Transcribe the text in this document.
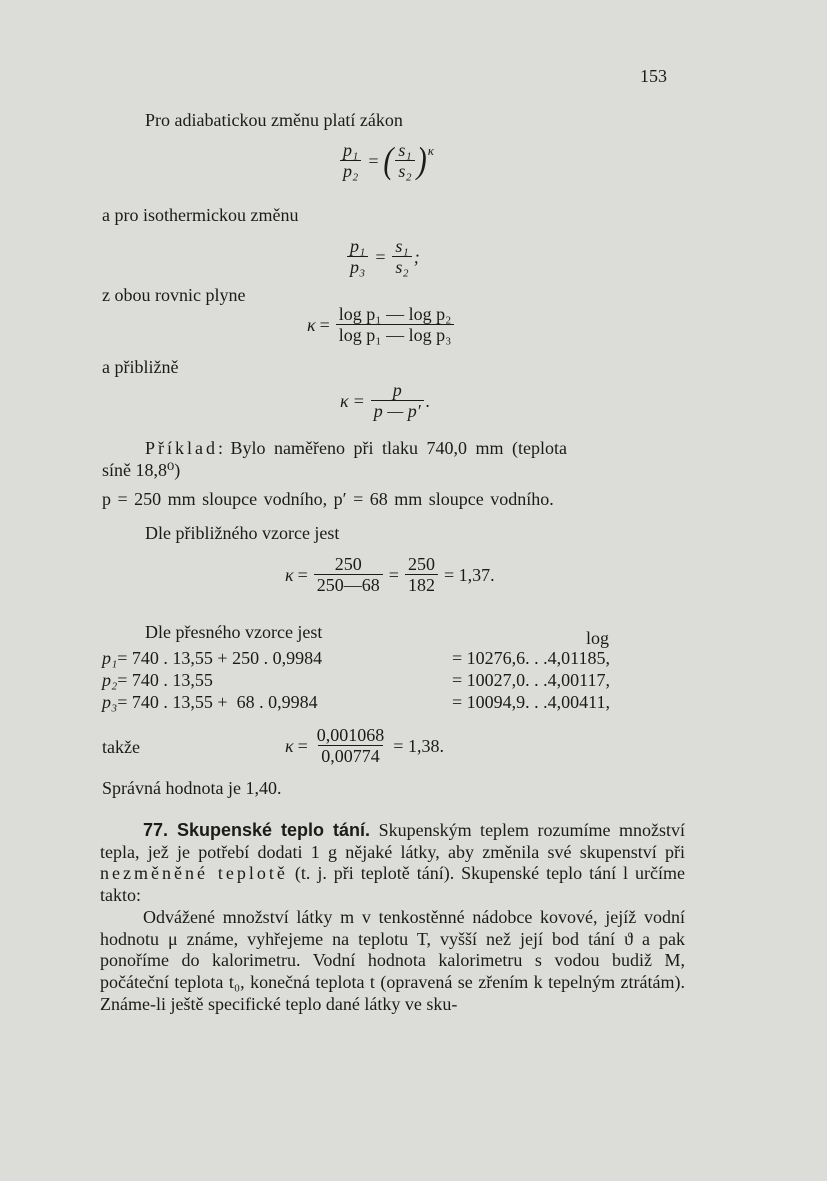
153
Pro adiabatickou změnu platí zákon
$\frac{\text{p₁}}{\text{p₂}}$ = ( $\frac{\text{s₁}}{\text{s₂}}$ ) κ
a pro isothermickou změnu
$\frac{\text{p₁}}{\text{p₃}} = \frac{\text{s₁}}{\text{s₂}}$ ;
z obou rovnic plyne
$\kappa = \frac{\text{log p₁ — log p₂}}{\text{log p₁ — log p₃}}$
a přibližně
$\kappa = \frac{p}{p — p'}$ .
Příklad: Bylo naměřeno při tlaku 740,0 mm (teplota
síně 18,8⁰)
p = 250 mm sloupce vodního, p′ = 68 mm sloupce vodního.
Dle přibližného vzorce jest
$\kappa = \frac{250}{250—68} = \frac{250}{182} = 1,37$.
Dle přesného vzorce jest	log
p₁= 740 . 13,55 + 250 . 0,9984	= 10276,6. . .4,01185,
p₂= 740 . 13,55	= 10027,0. . .4,00117,
p₃= 740 . 13,55 +  68 . 0,9984	= 10094,9. . .4,00411,
takže	$\kappa = \frac{0,001068}{0,00774} = 1,38$.
Správná hodnota je 1,40.
77. Skupenské teplo tání. Skupenským teplem rozumíme množství tepla, jež je potřebí dodati 1 g nějaké látky, aby změnila své skupenství při nezměněné teplotě (t. j. při teplotě tání). Skupenské teplo tání l určíme takto:
Odvážené množství látky m v tenkostěnné nádobce kovové, jejíž vodní hodnotu μ známe, vyhřejeme na teplotu T, vyšší než její bod tání ϑ a pak ponoříme do kalorimetru. Vodní hodnota kalorimetru s vodou budiž M, počáteční teplota t₀, konečná teplota t (opravená se zřením k tepelným ztrátám). Známe-li ještě specifické teplo dané látky ve sku-
